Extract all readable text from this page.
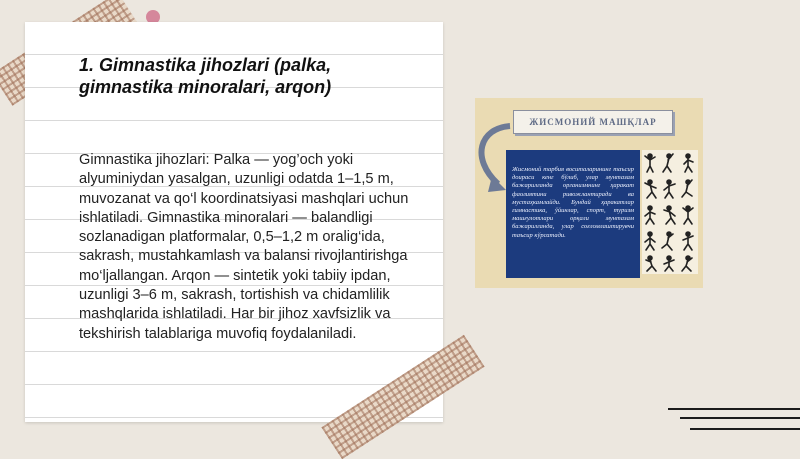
1. Gimnastika jihozlari (palka, gimnastika minoralari, arqon)
Gimnastika jihozlari: Palka — yog’och yoki alyuminiydan yasalgan, uzunligi odatda 1–1,5 m, muvozanat va qo‘l koordinatsiyasi mashqlari uchun ishlatiladi. Gimnastika minoralari — balandligi sozlanadigan platformalar, 0,5–1,2 m oralig‘ida, sakrash, mustahkamlash va balansi rivojlantirishga mo‘ljallangan. Arqon — sintetik yoki tabiiy ipdan, uzunligi 3–6 m, sakrash, tortishish va chidamlilik mashqlarida ishlatiladi. Har bir jihoz xavfsizlik va tekshirish talablariga muvofiq foydalaniladi.
ЖИСМОНИЙ МАШҚЛАР
Жисмоний тарбия воситаларининг таъсир доираси кенг бўлиб, улар мунтазам бажарилганда организмнинг ҳаракат фаолиятини ривожлантиради ва мустаҳкамлайди. Бундай ҳаракатлар гимнастика, ўйинлар, спорт, туризм машғулотлари орқали мунтазам бажарилганда, улар соғломлаштирувчи таъсир кўрсатади.
